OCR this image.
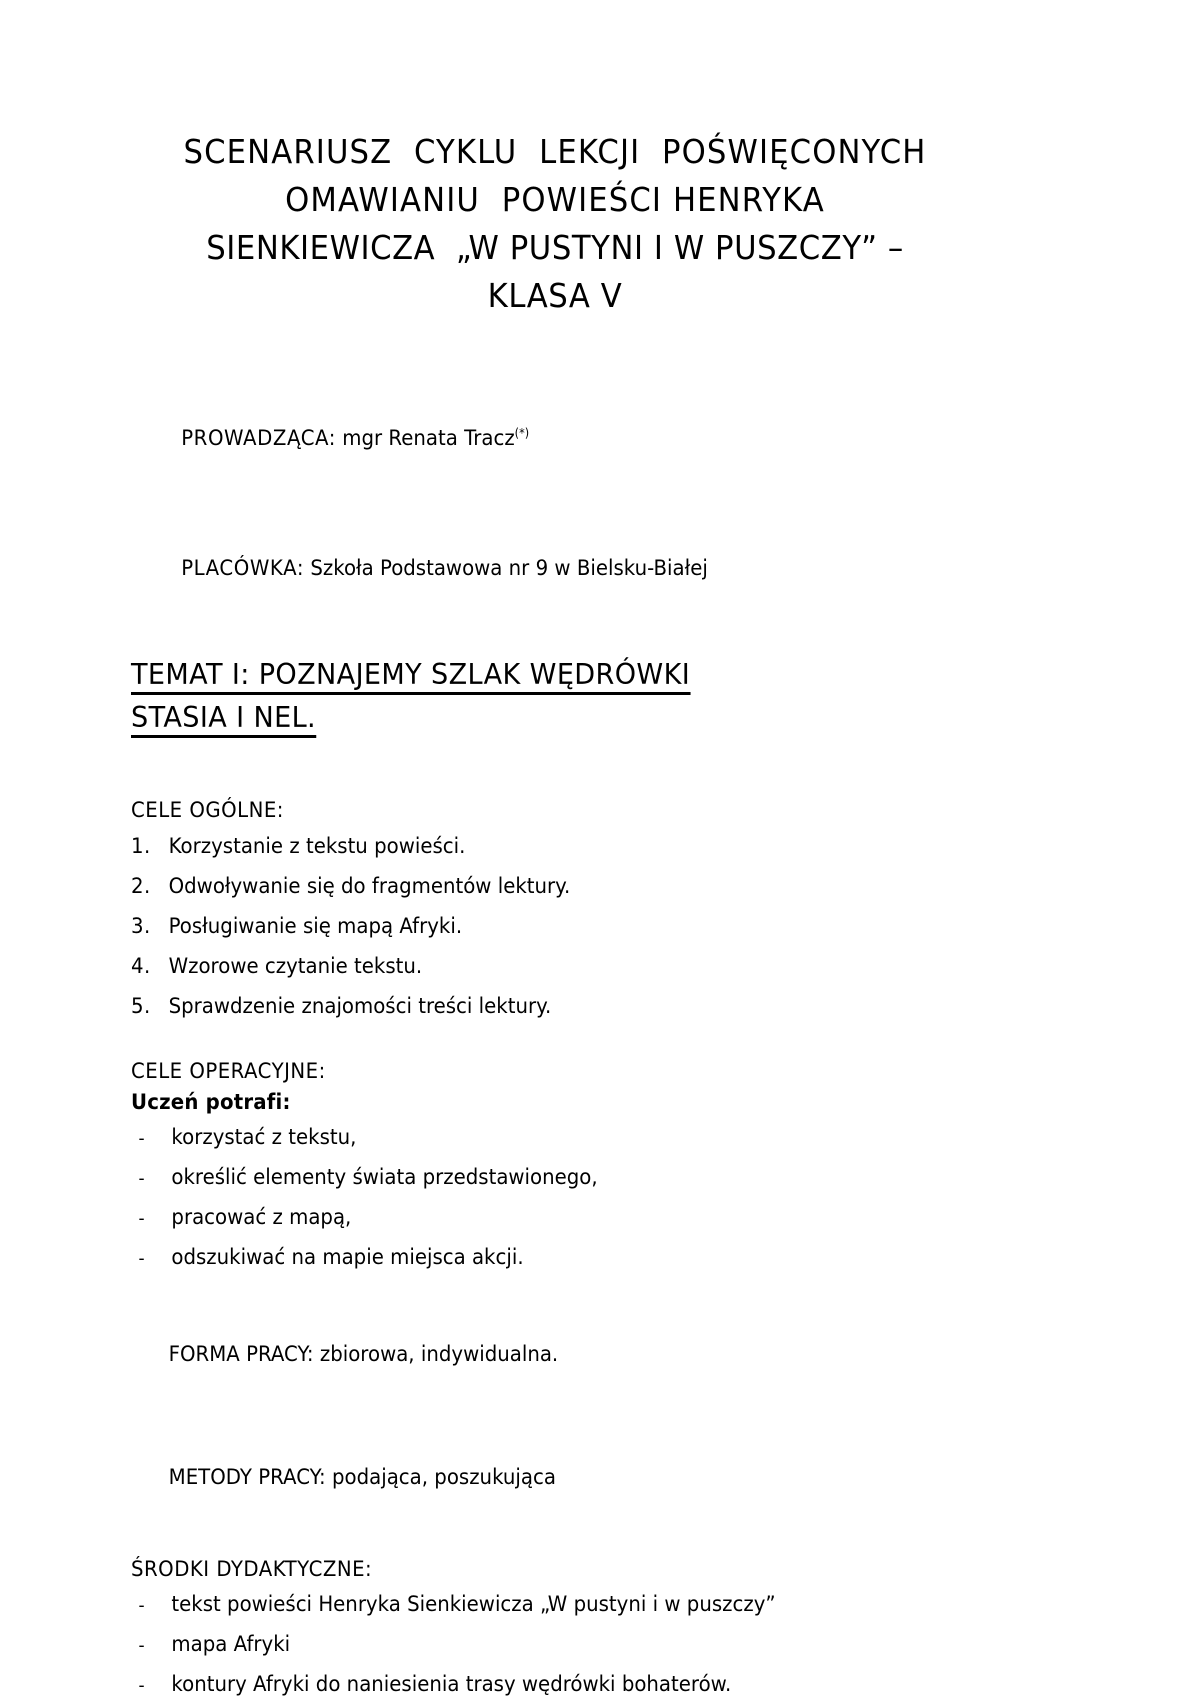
SCENARIUSZ  CYKLU  LEKCJI  POŚWIĘCONYCH
OMAWIANIU  POWIEŚCI HENRYKA
SIENKIEWICZA  „W PUSTYNI I W PUSZCZY” –
KLASA V

PROWADZĄCA: mgr Renata Tracz(*)

PLACÓWKA: Szkoła Podstawowa nr 9 w Bielsku-Białej

TEMAT I: POZNAJEMY SZLAK WĘDRÓWKI
STASIA I NEL.
CELE OGÓLNE:
1. Korzystanie z tekstu powieści.
2. Odwoływanie się do fragmentów lektury.
3. Posługiwanie się mapą Afryki.
4. Wzorowe czytanie tekstu.
5. Sprawdzenie znajomości treści lektury.
CELE OPERACYJNE:
Uczeń potrafi:
- korzystać z tekstu,
- określić elementy świata przedstawionego,
- pracować z mapą,
- odszukiwać na mapie miejsca akcji.

FORMA PRACY: zbiorowa, indywidualna.

METODY PRACY: podająca, poszukująca

ŚRODKI DYDAKTYCZNE:
- tekst powieści Henryka Sienkiewicza „W pustyni i w puszczy”
- mapa Afryki
- kontury Afryki do naniesienia trasy wędrówki bohaterów.
